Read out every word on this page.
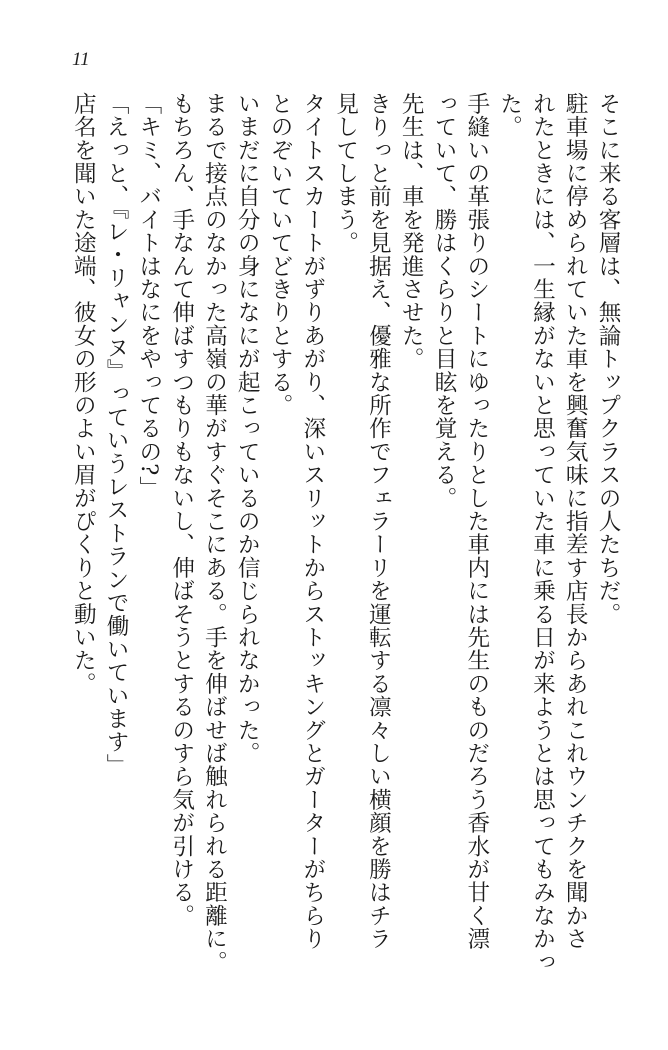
11
そこに来る客層は、無論トップクラスの人たちだ。
駐車場に停められていた車を興奮気味に指差す店長からあれこれウンチクを聞かさ
れたときには、一生縁がないと思っていた車に乗る日が来ようとは思ってもみなかっ
た。
手縫いの革張りのシートにゆったりとした車内には先生のものだろう香水が甘く漂
っていて、勝はくらりと目眩を覚える。
先生は、車を発進させた。
きりっと前を見据え、優雅な所作でフェラーリを運転する凛々しい横顔を勝はチラ
見してしまう。
タイトスカートがずりあがり、深いスリットからストッキングとガーターがちらり
とのぞいていてどきりとする。
いまだに自分の身になにが起こっているのか信じられなかった。
まるで接点のなかった高嶺の華がすぐそこにある。手を伸ばせば触れられる距離に。
もちろん、手なんて伸ばすつもりもないし、伸ばそうとするのすら気が引ける。
「キミ、バイトはなにをやってるの?」
「えっと、『レ・リャンヌ』っていうレストランで働いています」
店名を聞いた途端、彼女の形のよい眉がぴくりと動いた。
